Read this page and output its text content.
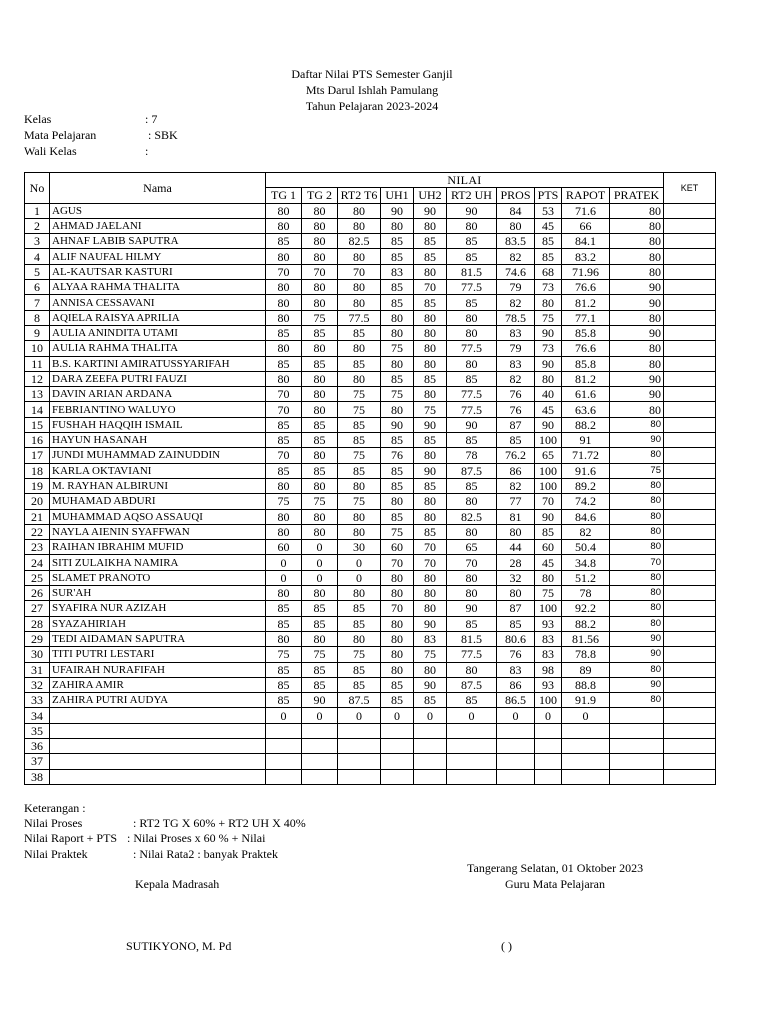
Daftar Nilai PTS Semester Ganjil
Mts Darul Ishlah Pamulang
Tahun Pelajaran 2023-2024
Kelas	: 7
Mata Pelajaran	: SBK
Wali Kelas	:
No	Nama	NILAI										KET
		TG 1	TG 2	RT2 T6	UH1	UH2	RT2 UH	PROS	PTS	RAPOT	PRATEK	
1	AGUS	80	80	80	90	90	90	84	53	71.6	80	
2	AHMAD JAELANI	80	80	80	80	80	80	80	45	66	80	
3	AHNAF LABIB SAPUTRA	85	80	82.5	85	85	85	83.5	85	84.1	80	
4	ALIF NAUFAL HILMY	80	80	80	85	85	85	82	85	83.2	80	
5	AL-KAUTSAR KASTURI	70	70	70	83	80	81.5	74.6	68	71.96	80	
6	ALYAA RAHMA THALITA	80	80	80	85	70	77.5	79	73	76.6	90	
7	ANNISA CESSAVANI	80	80	80	85	85	85	82	80	81.2	90	
8	AQIELA RAISYA APRILIA	80	75	77.5	80	80	80	78.5	75	77.1	80	
9	AULIA ANINDITA UTAMI	85	85	85	80	80	80	83	90	85.8	90	
10	AULIA RAHMA THALITA	80	80	80	75	80	77.5	79	73	76.6	80	
11	B.S. KARTINI AMIRATUSSYARIFAH	85	85	85	80	80	80	83	90	85.8	80	
12	DARA ZEEFA PUTRI FAUZI	80	80	80	85	85	85	82	80	81.2	90	
13	DAVIN ARIAN ARDANA	70	80	75	75	80	77.5	76	40	61.6	90	
14	FEBRIANTINO WALUYO	70	80	75	80	75	77.5	76	45	63.6	80	
15	FUSHAH HAQQIH ISMAIL	85	85	85	90	90	90	87	90	88.2	80	
16	HAYUN HASANAH	85	85	85	85	85	85	85	100	91	90	
17	JUNDI MUHAMMAD ZAINUDDIN	70	80	75	76	80	78	76.2	65	71.72	80	
18	KARLA OKTAVIANI	85	85	85	85	90	87.5	86	100	91.6	75	
19	M. RAYHAN ALBIRUNI	80	80	80	85	85	85	82	100	89.2	80	
20	MUHAMAD ABDURI	75	75	75	80	80	80	77	70	74.2	80	
21	MUHAMMAD AQSO ASSAUQI	80	80	80	85	80	82.5	81	90	84.6	80	
22	NAYLA AIENIN SYAFFWAN	80	80	80	75	85	80	80	85	82	80	
23	RAIHAN IBRAHIM MUFID	60	0	30	60	70	65	44	60	50.4	80	
24	SITI ZULAIKHA NAMIRA	0	0	0	70	70	70	28	45	34.8	70	
25	SLAMET PRANOTO	0	0	0	80	80	80	32	80	51.2	80	
26	SUR'AH	80	80	80	80	80	80	80	75	78	80	
27	SYAFIRA NUR AZIZAH	85	85	85	70	80	90	87	100	92.2	80	
28	SYAZAHIRIAH	85	85	85	80	90	85	85	93	88.2	80	
29	TEDI AIDAMAN SAPUTRA	80	80	80	80	83	81.5	80.6	83	81.56	90	
30	TITI PUTRI LESTARI	75	75	75	80	75	77.5	76	83	78.8	90	
31	UFAIRAH NURAFIFAH	85	85	85	80	80	80	83	98	89	80	
32	ZAHIRA AMIR	85	85	85	85	90	87.5	86	93	88.8	90	
33	ZAHIRA PUTRI AUDYA	85	90	87.5	85	85	85	86.5	100	91.9	80	
34		0	0	0	0	0	0	0	0	0		
35												
36												
37												
38												
Keterangan :
Nilai Proses	: RT2 TG X 60% + RT2 UH X 40%
Nilai Raport + PTS : Nilai Proses x 60 % + Nilai
Nilai Praktek	: Nilai Rata2 : banyak Praktek
Tangerang Selatan, 01 Oktober 2023
Kepala Madrasah	Guru Mata Pelajaran
SUTIKYONO, M. Pd	( )
